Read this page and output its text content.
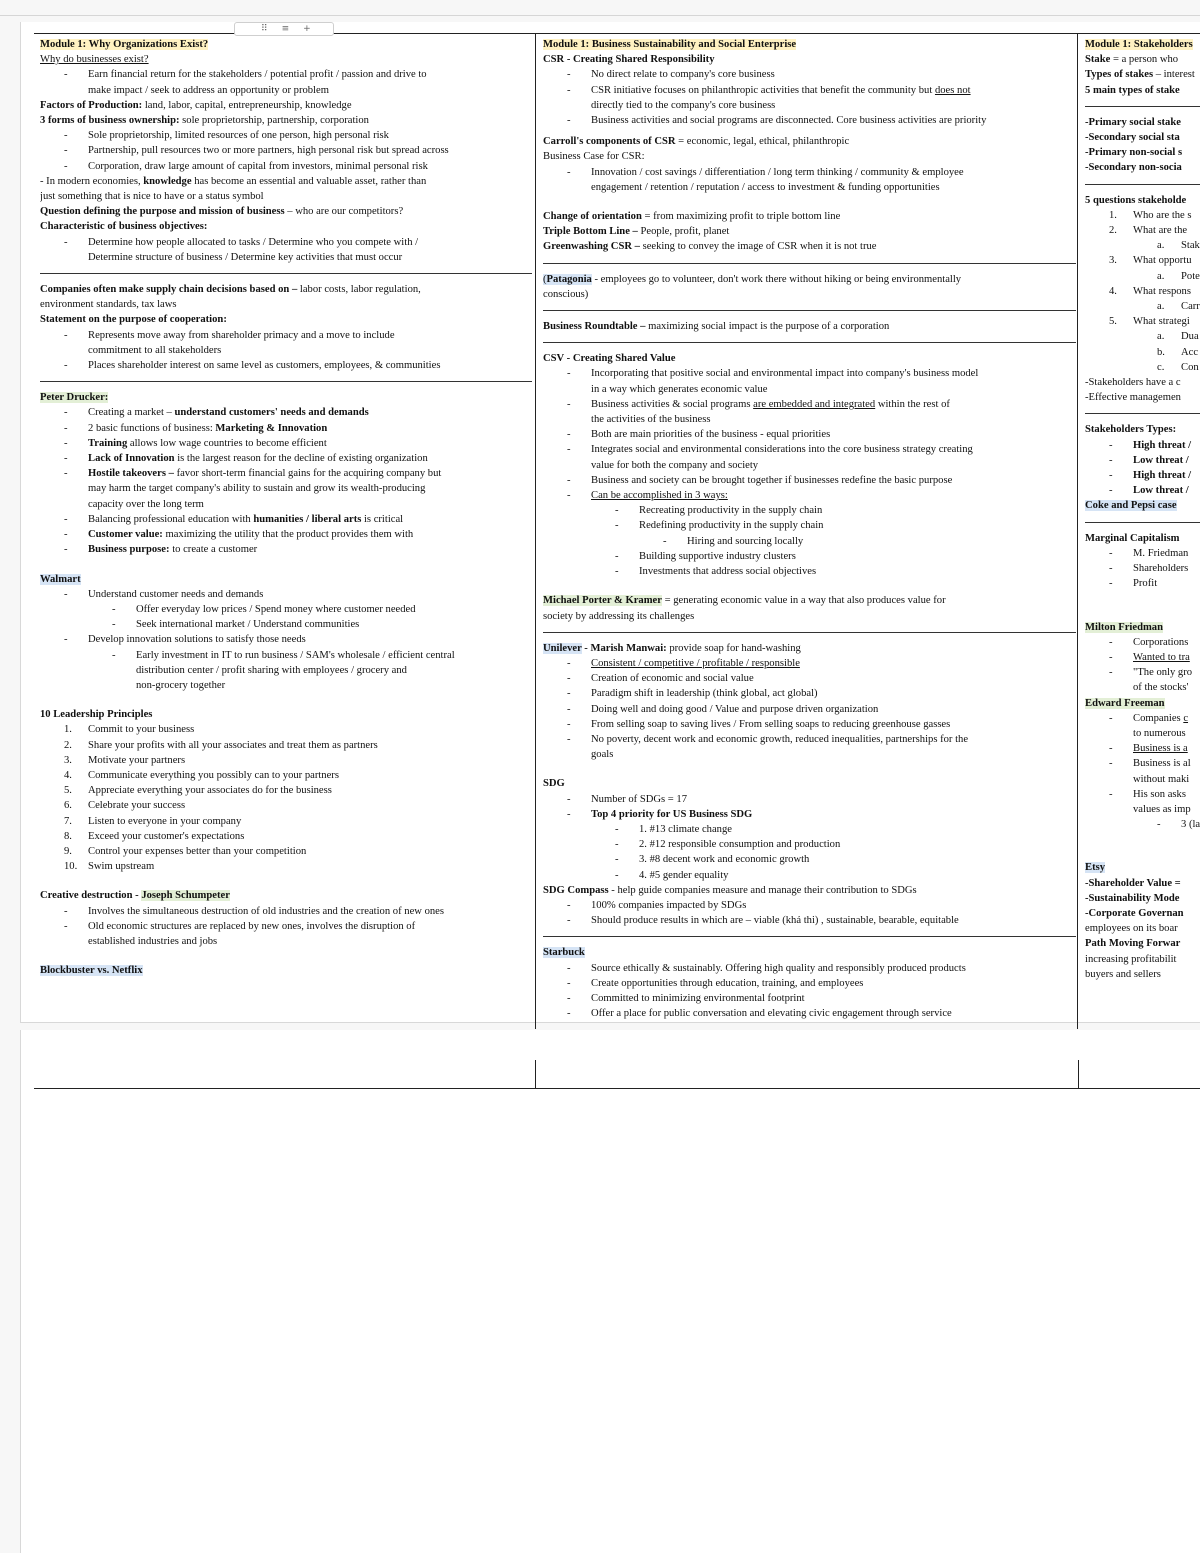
Module 1: Why Organizations Exist?
Why do businesses exist?
- Earn financial return for the stakeholders / potential profit / passion and drive to
make impact / seek to address an opportunity or problem
Factors of Production: land, labor, capital, entrepreneurship, knowledge
3 forms of business ownership: sole proprietorship, partnership, corporation
- Sole proprietorship, limited resources of one person, high personal risk
- Partnership, pull resources two or more partners, high personal risk but spread across
- Corporation, draw large amount of capital from investors, minimal personal risk
- In modern economies, knowledge has become an essential and valuable asset, rather than
just something that is nice to have or a status symbol
Question defining the purpose and mission of business – who are our competitors?
Characteristic of business objectives:
- Determine how people allocated to tasks / Determine who you compete with /
Determine structure of business / Determine key activities that must occur
Companies often make supply chain decisions based on – labor costs, labor regulation,
environment standards, tax laws
Statement on the purpose of cooperation:
- Represents move away from shareholder primacy and a move to include
commitment to all stakeholders
- Places shareholder interest on same level as customers, employees, & communities
Peter Drucker:
- Creating a market – understand customers' needs and demands
- 2 basic functions of business: Marketing & Innovation
- Training allows low wage countries to become efficient
- Lack of Innovation is the largest reason for the decline of existing organization
- Hostile takeovers – favor short-term financial gains for the acquiring company but
may harm the target company's ability to sustain and grow its wealth-producing
capacity over the long term
- Balancing professional education with humanities / liberal arts is critical
- Customer value: maximizing the utility that the product provides them with
- Business purpose: to create a customer
Walmart
- Understand customer needs and demands
- Offer everyday low prices / Spend money where customer needed
- Seek international market / Understand communities
- Develop innovation solutions to satisfy those needs
- Early investment in IT to run business / SAM's wholesale / efficient central
distribution center / profit sharing with employees / grocery and
non-grocery together
10 Leadership Principles
1. Commit to your business
2. Share your profits with all your associates and treat them as partners
3. Motivate your partners
4. Communicate everything you possibly can to your partners
5. Appreciate everything your associates do for the business
6. Celebrate your success
7. Listen to everyone in your company
8. Exceed your customer's expectations
9. Control your expenses better than your competition
10. Swim upstream
Creative destruction - Joseph Schumpeter
- Involves the simultaneous destruction of old industries and the creation of new ones
- Old economic structures are replaced by new ones, involves the disruption of
established industries and jobs
Blockbuster vs. Netflix
Module 1: Business Sustainability and Social Enterprise
CSR - Creating Shared Responsibility
- No direct relate to company's core business
- CSR initiative focuses on philanthropic activities that benefit the community but does not
directly tied to the company's core business
- Business activities and social programs are disconnected. Core business activities are priority
Carroll's components of CSR = economic, legal, ethical, philanthropic
Business Case for CSR:
- Innovation / cost savings / differentiation / long term thinking / community & employee
engagement / retention / reputation / access to investment & funding opportunities
Change of orientation = from maximizing profit to triple bottom line
Triple Bottom Line – People, profit, planet
Greenwashing CSR – seeking to convey the image of CSR when it is not true
(Patagonia - employees go to volunteer, don't work there without hiking or being environmentally
conscious)
Business Roundtable – maximizing social impact is the purpose of a corporation
CSV - Creating Shared Value
- Incorporating that positive social and environmental impact into company's business model
in a way which generates economic value
- Business activities & social programs are embedded and integrated within the rest of
the activities of the business
- Both are main priorities of the business - equal priorities
- Integrates social and environmental considerations into the core business strategy creating
value for both the company and society
- Business and society can be brought together if businesses redefine the basic purpose
- Can be accomplished in 3 ways:
- Recreating productivity in the supply chain
- Redefining productivity in the supply chain
- Hiring and sourcing locally
- Building supportive industry clusters
- Investments that address social objectives
Michael Porter & Kramer = generating economic value in a way that also produces value for
society by addressing its challenges
Unilever - Marish Manwai: provide soap for hand-washing
- Consistent / competitive / profitable / responsible
- Creation of economic and social value
- Paradigm shift in leadership (think global, act global)
- Doing well and doing good / Value and purpose driven organization
- From selling soap to saving lives / From selling soaps to reducing greenhouse gasses
- No poverty, decent work and economic growth, reduced inequalities, partnerships for the
goals
SDG
- Number of SDGs = 17
- Top 4 priority for US Business SDG
- 1. #13 climate change
- 2. #12 responsible consumption and production
- 3. #8 decent work and economic growth
- 4. #5 gender equality
SDG Compass - help guide companies measure and manage their contribution to SDGs
- 100% companies impacted by SDGs
- Should produce results in which are – viable (khả thi) , sustainable, bearable, equitable
Starbuck
- Source ethically & sustainably. Offering high quality and responsibly produced products
- Create opportunities through education, training, and employees
- Committed to minimizing environmental footprint
- Offer a place for public conversation and elevating civic engagement through service
Module 1: Stakeholders
Stake = a person who
Types of stakes – interest
5 main types of stake
-Primary social stake
-Secondary social sta
-Primary non-social s
-Secondary non-socia
5 questions stakeholde
1. Who are the s
2. What are the
a. Stak
3. What opportu
a. Pote
4. What respons
a. Carr
5. What strategi
a. Dua
b. Acc
c. Con
-Stakeholders have a c
-Effective managemen
Stakeholders Types:
- High threat /
- Low threat /
- High threat /
- Low threat /
Coke and Pepsi case
Marginal Capitalism
- M. Friedman
- Shareholders
- Profit
Milton Friedman
- Corporations
- Wanted to tra
- "The only gro
of the stocks'
Edward Freeman
- Companies c
to numerous
- Business is a
- Business is al
without maki
- His son asks
values as imp
- 3 (la
Etsy
-Shareholder Value =
-Sustainability Mode
-Corporate Governan
employees on its boar
Path Moving Forwar
increasing profitabilit
buyers and sellers
⠿ ≡ +
